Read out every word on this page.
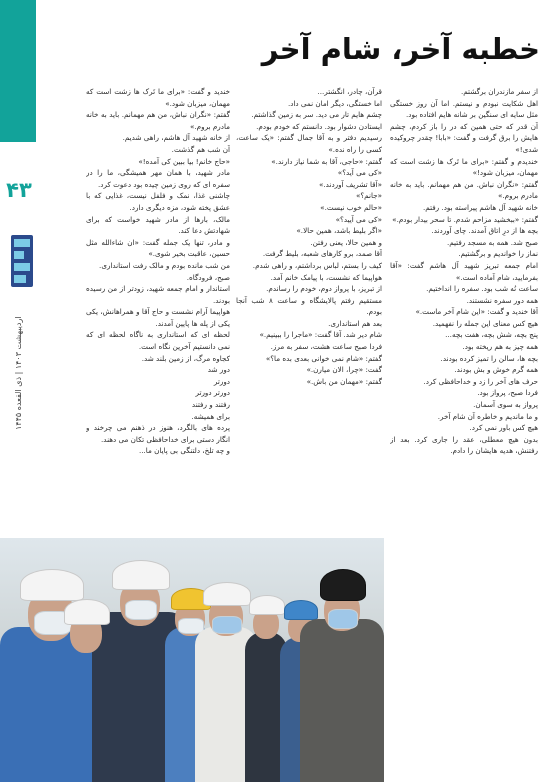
۴۳
اردیبهشت ۱۴۰۳ | ذی القعده ۱۴۴۵
خطبه آخر، شام آخر

از سفر مازندران برگشتم.

اهل شکایت نبودم و نیستم. اما آن روز خستگی مثل سایه ای سنگین بر شانه هایم افتاده بود.

آن قدر که حتی همین که در را باز کردم، چشم هایش را برق گرفت و گفت: «بابا! چقدر چروکیده شدی!»

خندیدم و گفتم: «برای ما تَرک ها زشت است که مهمان، میزبان شود!»

گفتم: «نگران نباش. من هم مهمانم. باید به خانه مادرم بروم.»

خانه شهید آل هاشم پیراسته بود. رفتم.

گفتم: «ببخشید مزاحم شدم. تا سحر بیدار بودم.»

بچه ها از درِ اتاق آمدند. چای آوردند.

صبح شد. همه به مسجد رفتیم.

نماز را خواندیم و برگشتیم.

امام جمعه تبریز شهید آل هاشم گفت: «آقا بفرمایید، شام آماده است.»

ساعت نُه شب بود. سفره را انداختیم.

همه دور سفره نشستند.

آقا خندید و گفت: «این شام آخر ماست.»

هیچ کس معنای این جمله را نفهمید.

پنج بچه، شش بچه، هفت بچه...

همه چیز به هم ریخته بود.

بچه ها، سالن را تمیز کرده بودند.

همه گرم خوش و بش بودند.

حرف های آخر را زد و خداحافظی کرد.

فردا صبح، پرواز بود.

پرواز به سوی آسمان.

و ما ماندیم و خاطره آن شام آخر.

هیچ کس باور نمی کرد.

بدون هیچ معطلی، عقد را جاری کرد. بعد از رفتنش، هدیه هایشان را دادم.

قرآن، چادر، انگشتر...

اما خستگی، دیگر امان نمی داد.

چشم هایم تار می دید. سر به زمین گذاشتم.

ایستادن دشوار بود. دانستم که خودم بودم.

رسیدیم دفتر و به آقا جمال گفتم: «یک ساعت، کسی را راه نده.»

گفتم: «حاجی، آقا به شما نیاز دارند.»

«کی می آید؟»

«آقا تشریف آوردند.»

«جانم؟»

«حالم خوب نیست.»

«کی می آیید؟»

«اگر بلیط باشد، همین حالا.»

و همین حالا، یعنی رفتن.

آقا صمد، برو کارهای شعبه، بلیط گرفت.

کیف را بستم، لباس برداشتم، و راهی شدم.

هواپیما که نشست، با پیامک خانم آمد.

از تبریز، با پرواز دوم، خودم را رساندم.

مستقیم رفتم پالایشگاه و ساعت ۸ شب آنجا بودم.

بعد هم استانداری.

شام دیر شد. آقا گفت: «ماجرا را ببینیم.»

فردا صبح ساعت هشت، سفر به مرز.

گفتم: «شام نمی خوانی بعدی بده ما؟»

گفت: «چرا، الان میارن.»

گفتم: «مهمان من باش.»

خندید و گفت: «برای ما تَرک ها زشت است که مهمان، میزبان شود.»

گفتم: «نگران نباش، من هم مهمانم. باید به خانه مادرم بروم.»

از خانه شهید آل هاشم، راهی شدیم.

آن شب هم گذشت.

«حاج خانم! بیا ببین کی آمده!»

مادر شهید، با همان مهر همیشگی، ما را در سفره ای که روی زمین چیده بود دعوت کرد.

چاشنی غذا، نمک و فلفل نیست، غذایی که با عشق پخته شود، مزه دیگری دارد.

مالک، بارها از مادر شهید خواست که برای شهادتش دعا کند.

و مادر، تنها یک جمله گفت: «ان شاءالله مثل حسین، عاقبت بخیر شوی.»

من شب مانده بودم و مالک رفت استانداری.

صبح، فرودگاه.

استاندار و امام جمعه شهید، زودتر از من رسیده بودند.

هواپیما آرام نشست و حاج آقا و همراهانش، یکی یکی از پله ها پایین آمدند.

لحظه ای که استانداری به ناگاه لحظه ای که نمی دانستیم آخرین نگاه است.

کجاوه مرگ، از زمین بلند شد.

دور شد

دورتر

دورتر دورتر

رفتند و رفتند

برای همیشه.

پرده های بالگرد، هنوز در ذهنم می چرخند و انگار دستی برای خداحافظی تکان می دهند.

و چه تلخ، دلتنگی بی پایان ما...
